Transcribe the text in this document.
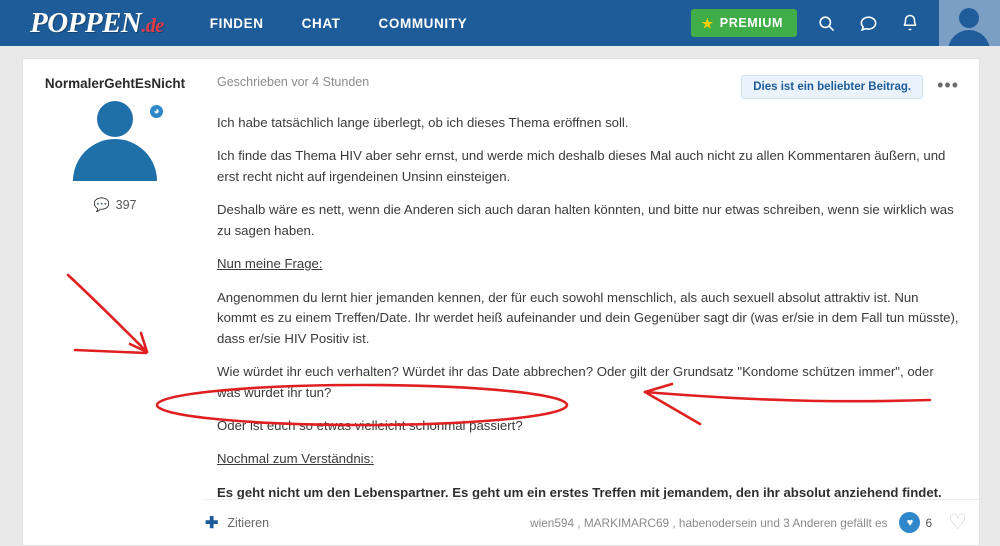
POPPEN.de	FINDEN	CHAT	COMMUNITY	★ PREMIUM
NormalerGehtEsNicht
◕
💬 397
Geschrieben vor 4 Stunden	Dies ist ein beliebter Beitrag.	•••

Ich habe tatsächlich lange überlegt, ob ich dieses Thema eröffnen soll.

Ich finde das Thema HIV aber sehr ernst, und werde mich deshalb dieses Mal auch nicht zu allen Kommentaren äußern, und erst recht nicht auf irgendeinen Unsinn einsteigen.

Deshalb wäre es nett, wenn die Anderen sich auch daran halten könnten, und bitte nur etwas schreiben, wenn sie wirklich was zu sagen haben.

Nun meine Frage:

Angenommen du lernt hier jemanden kennen, der für euch sowohl menschlich, als auch sexuell absolut attraktiv ist. Nun kommt es zu einem Treffen/Date. Ihr werdet heiß aufeinander und dein Gegenüber sagt dir (was er/sie in dem Fall tun müsste), dass er/sie HIV Positiv ist.

Wie würdet ihr euch verhalten? Würdet ihr das Date abbrechen? Oder gilt der Grundsatz "Kondome schützen immer", oder was würdet ihr tun?

Oder ist euch so etwas vielleicht schonmal passiert?

Nochmal zum Verständnis:

Es geht nicht um den Lebenspartner. Es geht um ein erstes Treffen mit jemandem, den ihr absolut anziehend findet.

✚ Zitieren	wien594 , MARKIMARC69 , habenodersein und 3 Anderen gefällt es	♥	6 ♡
